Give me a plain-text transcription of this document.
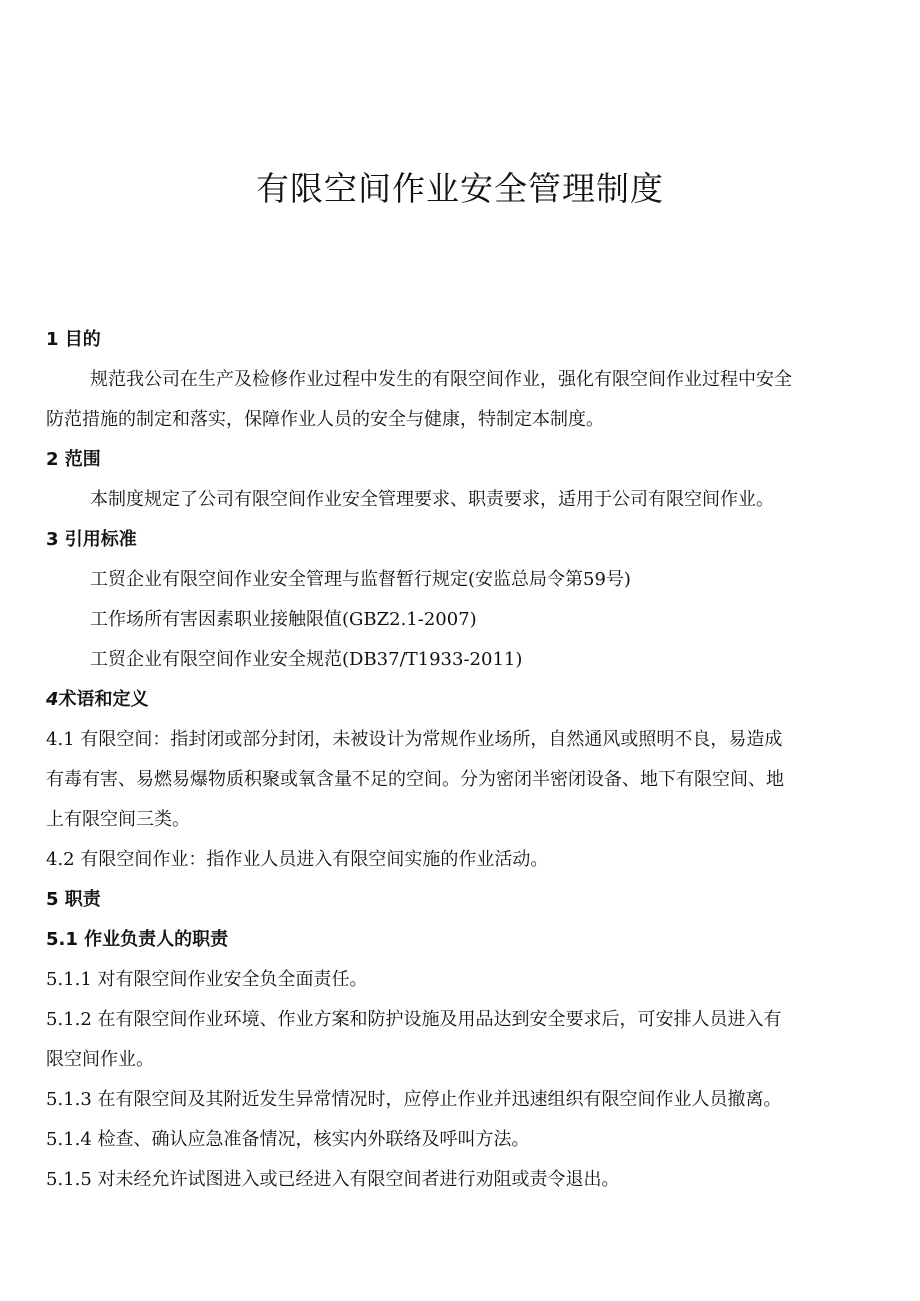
有限空间作业安全管理制度
1 目的
规范我公司在生产及检修作业过程中发生的有限空间作业，强化有限空间作业过程中安全
防范措施的制定和落实，保障作业人员的安全与健康，特制定本制度。
2 范围
本制度规定了公司有限空间作业安全管理要求、职责要求，适用于公司有限空间作业。
3 引用标准
工贸企业有限空间作业安全管理与监督暂行规定(安监总局令第59号)
工作场所有害因素职业接触限值(GBZ2.1-2007)
工贸企业有限空间作业安全规范(DB37/T1933-2011)
4术语和定义
4.1 有限空间：指封闭或部分封闭，未被设计为常规作业场所，自然通风或照明不良，易造成
有毒有害、易燃易爆物质积聚或氧含量不足的空间。分为密闭半密闭设备、地下有限空间、地
上有限空间三类。
4.2 有限空间作业：指作业人员进入有限空间实施的作业活动。
5 职责
5.1 作业负责人的职责
5.1.1 对有限空间作业安全负全面责任。
5.1.2 在有限空间作业环境、作业方案和防护设施及用品达到安全要求后，可安排人员进入有
限空间作业。
5.1.3 在有限空间及其附近发生异常情况时，应停止作业并迅速组织有限空间作业人员撤离。
5.1.4 检查、确认应急准备情况，核实内外联络及呼叫方法。
5.1.5 对未经允许试图进入或已经进入有限空间者进行劝阻或责令退出。
